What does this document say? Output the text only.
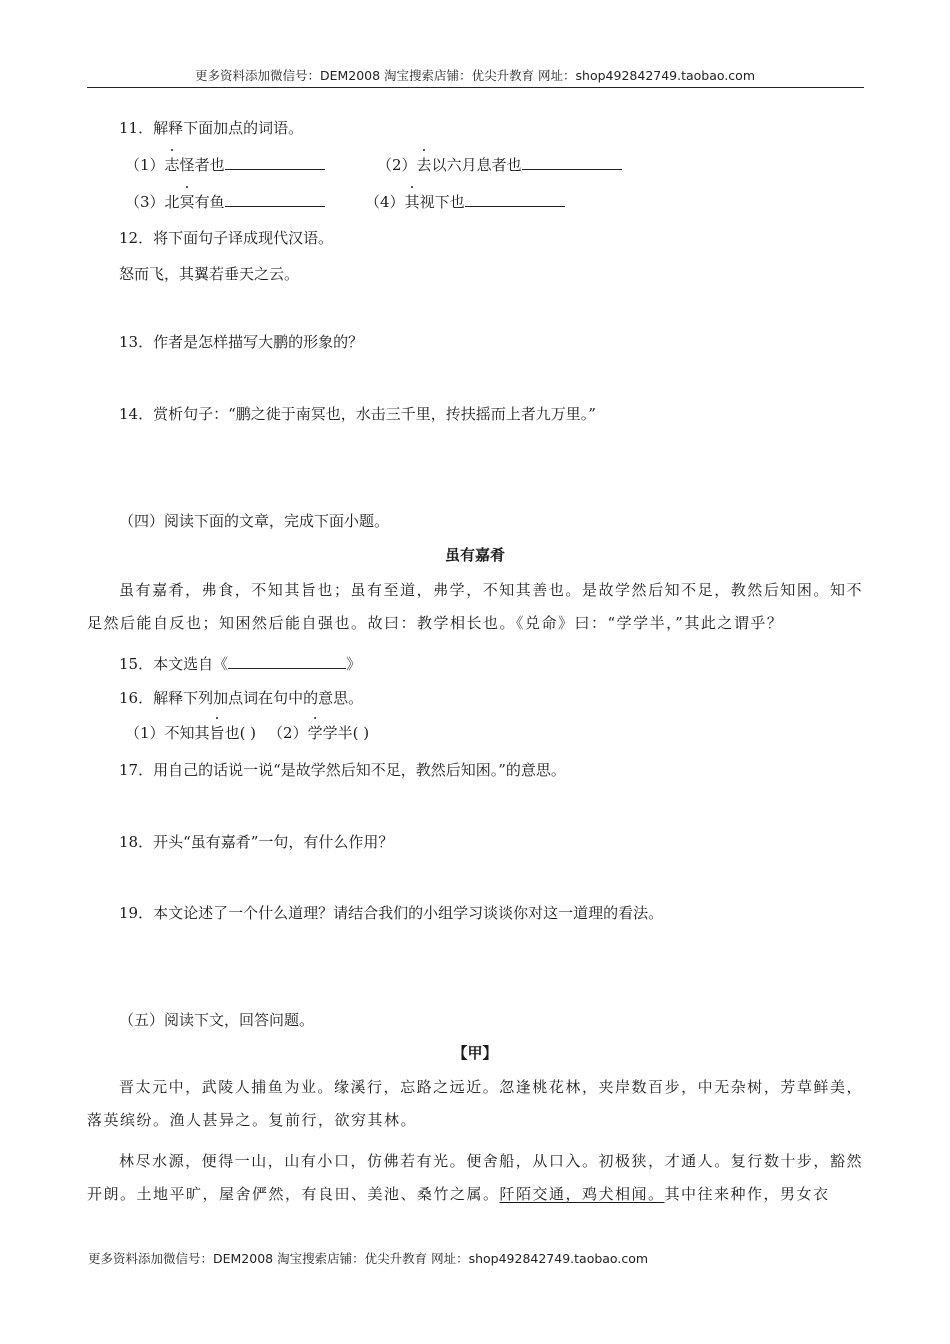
更多资料添加微信号：DEM2008 淘宝搜索店铺：优尖升教育 网址：shop492842749.taobao.com
11．解释下面加点的词语。
（1）志怪者也	（2）去以六月息者也
（3）北冥有鱼	（4）其视下也
12．将下面句子译成现代汉语。
怒而飞，其翼若垂天之云。
13．作者是怎样描写大鹏的形象的？
14．赏析句子：“鹏之徙于南冥也，水击三千里，抟扶摇而上者九万里。”
（四）阅读下面的文章，完成下面小题。
虽有嘉肴
虽有嘉肴，弗食，不知其旨也；虽有至道，弗学，不知其善也。是故学然后知不足，教然后知困。知不足然后能自反也；知困然后能自强也。故曰：教学相长也。《兑命》曰：“学学半，”其此之谓乎？
15．本文选自《	》
16．解释下列加点词在句中的意思。
（1）不知其旨也( ) （2）学学半( )
17．用自己的话说一说“是故学然后知不足，教然后知困。”的意思。
18．开头“虽有嘉肴”一句，有什么作用？
19．本文论述了一个什么道理？请结合我们的小组学习谈谈你对这一道理的看法。
（五）阅读下文，回答问题。
【甲】
晋太元中，武陵人捕鱼为业。缘溪行，忘路之远近。忽逢桃花林，夹岸数百步，中无杂树，芳草鲜美，落英缤纷。渔人甚异之。复前行，欲穷其林。
林尽水源，便得一山，山有小口，仿佛若有光。便舍船，从口入。初极狭，才通人。复行数十步，豁然开朗。土地平旷，屋舍俨然，有良田、美池、桑竹之属。阡陌交通，鸡犬相闻。其中往来种作，男女衣
更多资料添加微信号：DEM2008 淘宝搜索店铺：优尖升教育 网址：shop492842749.taobao.com
